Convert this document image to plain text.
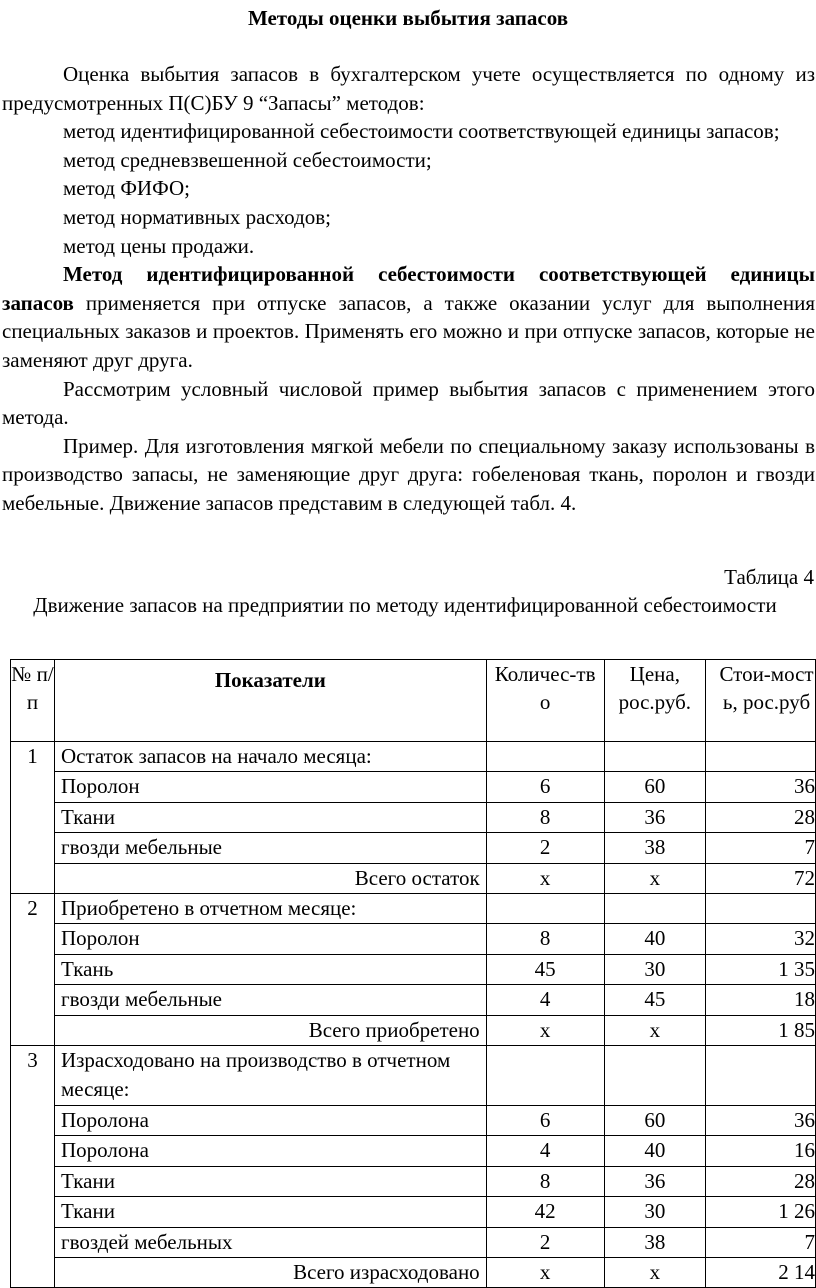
Методы оценки выбытия запасов

Оценка выбытия запасов в бухгалтерском учете осуществляется по одному из предусмотренных П(С)БУ 9 “Запасы” методов:

метод идентифицированной себестоимости соответствующей единицы запасов;

метод средневзвешенной себестоимости;

метод ФИФО;

метод нормативных расходов;

метод цены продажи.

Метод идентифицированной себестоимости соответствующей единицы запасов применяется при отпуске запасов, а также оказании услуг для выполнения специальных заказов и проектов. Применять его можно и при отпуске запасов, которые не заменяют друг друга.

Рассмотрим условный числовой пример выбытия запасов с применением этого метода.

Пример. Для изготовления мягкой мебели по специальному заказу использованы в производство запасы, не заменяющие друг друга: гобеленовая ткань, поролон и гвозди мебельные. Движение запасов представим в следующей табл. 4.

Таблица 4
Движение запасов на предприятии по методу идентифицированной себестоимости
№ п/п	Показатели	Количес-тво	Цена, рос.руб.	Стои-мость, рос.руб
1	Остаток запасов на начало месяца:			
	Поролон	6	60	36
	Ткани	8	36	28
	гвозди мебельные	2	38	7
	Всего остаток	х	х	72
2	Приобретено в отчетном месяце:			
	Поролон	8	40	32
	Ткань	45	30	1 35
	гвозди мебельные	4	45	18
	Всего приобретено	х	х	1 85
3	Израсходовано на производство в отчетном месяце:			
	Поролона	6	60	36
	Поролона	4	40	16
	Ткани	8	36	28
	Ткани	42	30	1 26
	гвоздей мебельных	2	38	7
	Всего израсходовано	х	х	2 14
